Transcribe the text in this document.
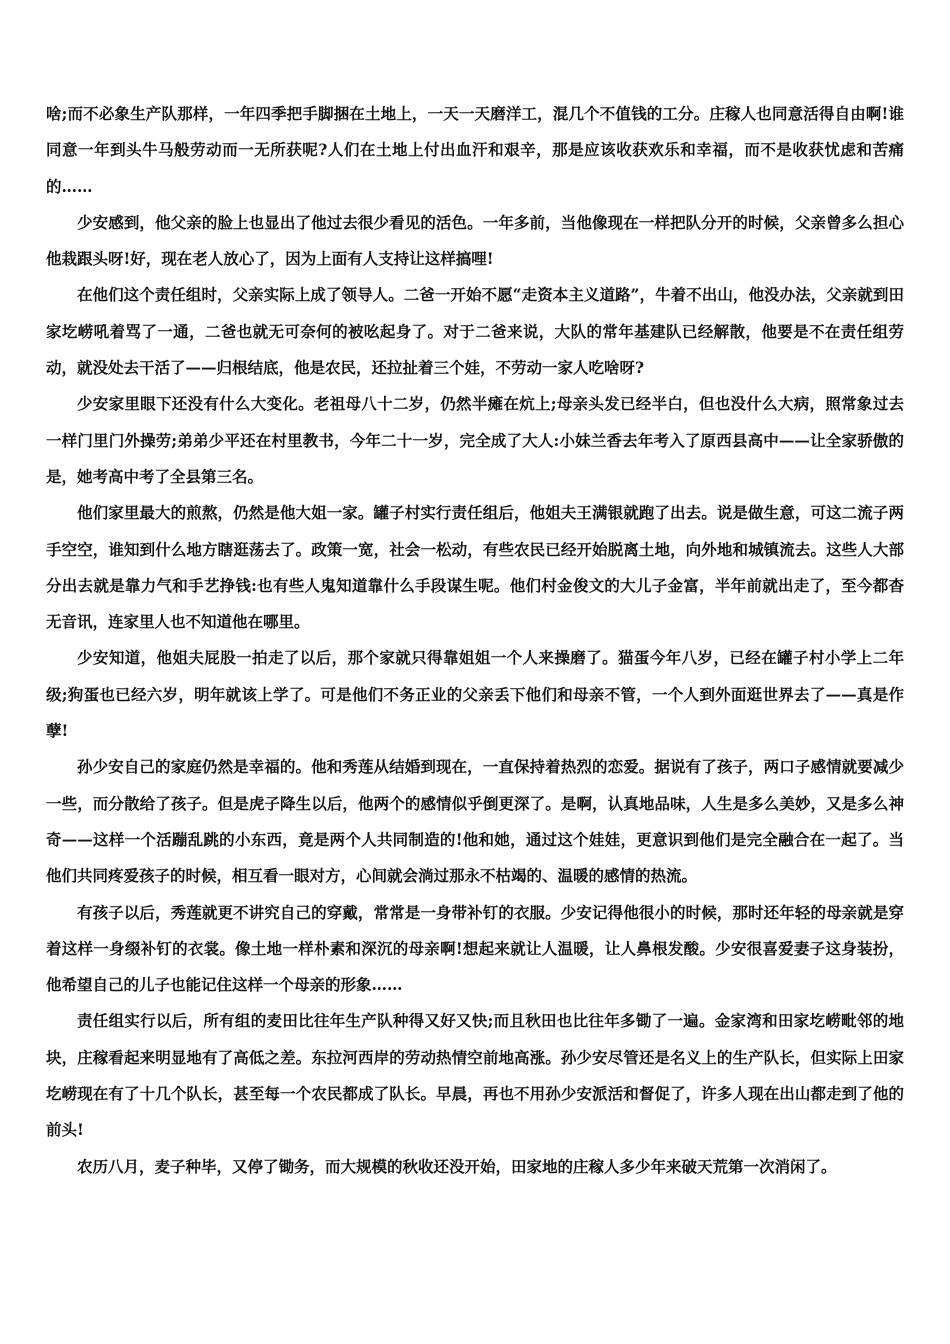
啥;而不必象生产队那样，一年四季把手脚捆在土地上，一天一天磨洋工，混几个不值钱的工分。庄稼人也同意活得自由啊!谁同意一年到头牛马般劳动而一无所获呢?人们在土地上付出血汗和艰辛，那是应该收获欢乐和幸福，而不是收获忧虑和苦痛的……

少安感到，他父亲的脸上也显出了他过去很少看见的活色。一年多前，当他像现在一样把队分开的时候，父亲曾多么担心他栽跟头呀!好，现在老人放心了，因为上面有人支持让这样搞哩!

在他们这个责任组时，父亲实际上成了领导人。二爸一开始不愿“走资本主义道路”，牛着不出山，他没办法，父亲就到田家圪崂吼着骂了一通，二爸也就无可奈何的被吆起身了。对于二爸来说，大队的常年基建队已经解散，他要是不在责任组劳动，就没处去干活了——归根结底，他是农民，还拉扯着三个娃，不劳动一家人吃啥呀?

少安家里眼下还没有什么大变化。老祖母八十二岁，仍然半瘫在炕上;母亲头发已经半白，但也没什么大病，照常象过去一样门里门外操劳;弟弟少平还在村里教书，今年二十一岁，完全成了大人:小妹兰香去年考入了原西县高中——让全家骄傲的是，她考高中考了全县第三名。

他们家里最大的煎熬，仍然是他大姐一家。罐子村实行责任组后，他姐夫王满银就跑了出去。说是做生意，可这二流子两手空空，谁知到什么地方瞎逛荡去了。政策一宽，社会一松动，有些农民已经开始脱离土地，向外地和城镇流去。这些人大部分出去就是靠力气和手艺挣钱:也有些人鬼知道靠什么手段谋生呢。他们村金俊文的大儿子金富，半年前就出走了，至今都杳无音讯，连家里人也不知道他在哪里。

少安知道，他姐夫屁股一拍走了以后，那个家就只得靠姐姐一个人来操磨了。猫蛋今年八岁，已经在罐子村小学上二年级;狗蛋也已经六岁，明年就该上学了。可是他们不务正业的父亲丢下他们和母亲不管，一个人到外面逛世界去了——真是作孽!

孙少安自己的家庭仍然是幸福的。他和秀莲从结婚到现在，一直保持着热烈的恋爱。据说有了孩子，两口子感情就要减少一些，而分散给了孩子。但是虎子降生以后，他两个的感情似乎倒更深了。是啊，认真地品味，人生是多么美妙，又是多么神奇——这样一个活蹦乱跳的小东西，竟是两个人共同制造的!他和她，通过这个娃娃，更意识到他们是完全融合在一起了。当他们共同疼爱孩子的时候，相互看一眼对方，心间就会淌过那永不枯竭的、温暖的感情的热流。

有孩子以后，秀莲就更不讲究自己的穿戴，常常是一身带补钉的衣服。少安记得他很小的时候，那时还年轻的母亲就是穿着这样一身缀补钉的衣裳。像土地一样朴素和深沉的母亲啊!想起来就让人温暖，让人鼻根发酸。少安很喜爱妻子这身装扮，他希望自己的儿子也能记住这样一个母亲的形象……

责任组实行以后，所有组的麦田比往年生产队种得又好又快;而且秋田也比往年多锄了一遍。金家湾和田家圪崂毗邻的地块，庄稼看起来明显地有了高低之差。东拉河西岸的劳动热情空前地高涨。孙少安尽管还是名义上的生产队长，但实际上田家圪崂现在有了十几个队长，甚至每一个农民都成了队长。早晨，再也不用孙少安派活和督促了，许多人现在出山都走到了他的前头!

农历八月，麦子种毕，又停了锄务，而大规模的秋收还没开始，田家地的庄稼人多少年来破天荒第一次消闲了。
